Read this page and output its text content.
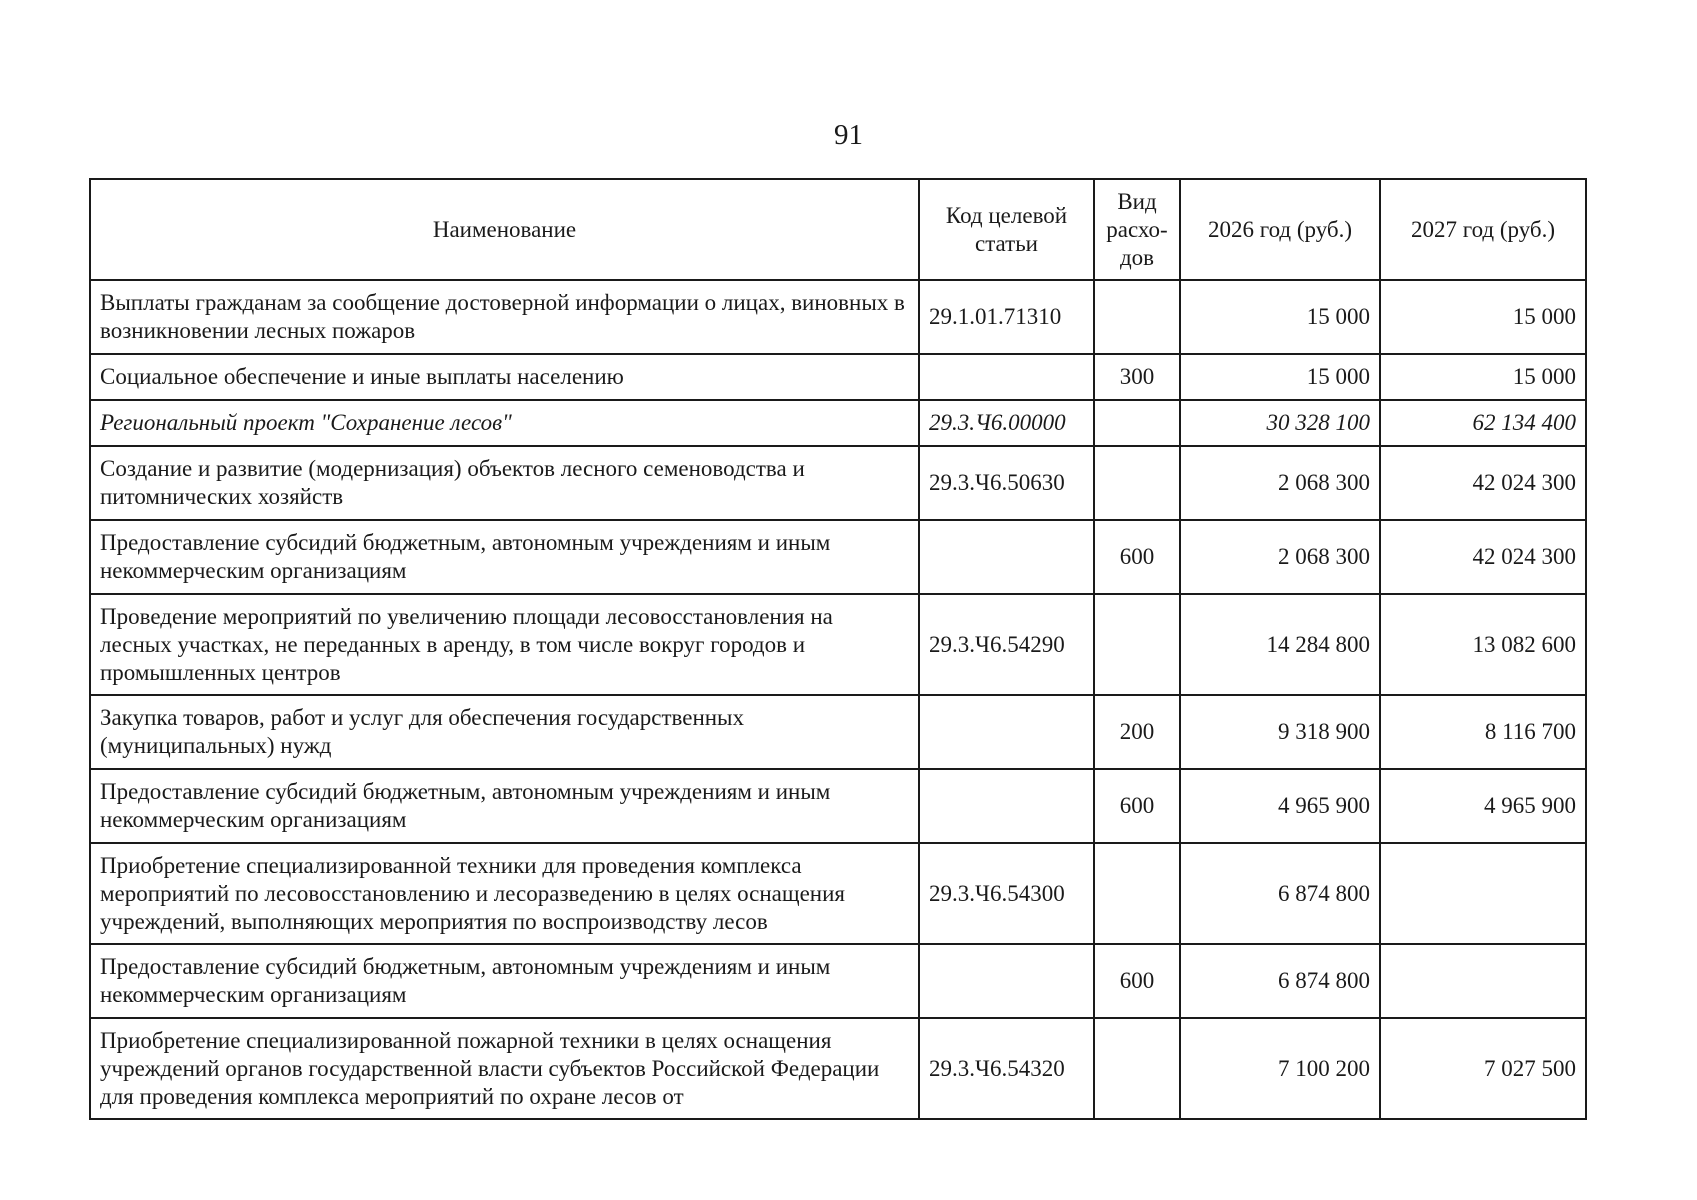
91
Наименование	Код целевой статьи	Вид расхо-дов	2026 год (руб.)	2027 год (руб.)
Выплаты гражданам за сообщение достоверной информации о лицах, виновных в возникновении лесных пожаров	29.1.01.71310		15 000	15 000
Социальное обеспечение и иные выплаты населению		300	15 000	15 000
Региональный проект "Сохранение лесов"	29.3.Ч6.00000		30 328 100	62 134 400
Создание и развитие (модернизация) объектов лесного семеноводства и питомнических хозяйств	29.3.Ч6.50630		2 068 300	42 024 300
Предоставление субсидий бюджетным, автономным учреждениям и иным некоммерческим организациям		600	2 068 300	42 024 300
Проведение мероприятий по увеличению площади лесовосстановления на лесных участках, не переданных в аренду, в том числе вокруг городов и промышленных центров	29.3.Ч6.54290		14 284 800	13 082 600
Закупка товаров, работ и услуг для обеспечения государственных (муниципальных) нужд		200	9 318 900	8 116 700
Предоставление субсидий бюджетным, автономным учреждениям и иным некоммерческим организациям		600	4 965 900	4 965 900
Приобретение специализированной техники для проведения комплекса мероприятий по лесовосстановлению и лесоразведению в целях оснащения учреждений, выполняющих мероприятия по воспроизводству лесов	29.3.Ч6.54300		6 874 800	
Предоставление субсидий бюджетным, автономным учреждениям и иным некоммерческим организациям		600	6 874 800	
Приобретение специализированной пожарной техники в целях оснащения учреждений органов государственной власти субъектов Российской Федерации для проведения комплекса мероприятий по охране лесов от	29.3.Ч6.54320		7 100 200	7 027 500
